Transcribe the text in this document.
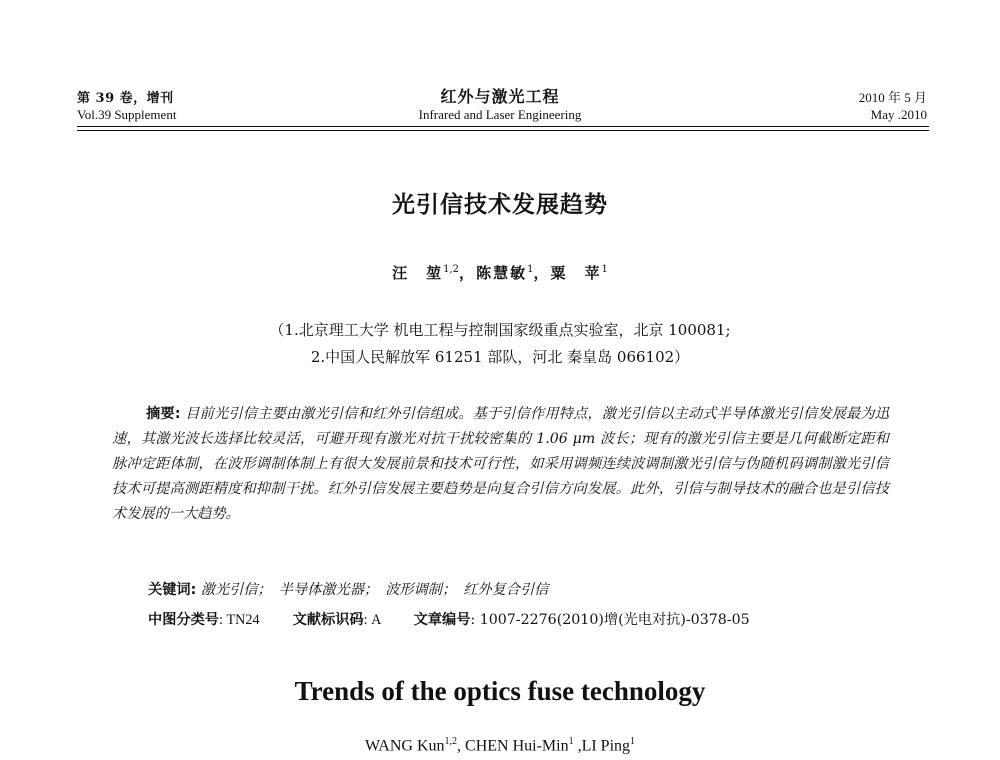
第 39 卷，增刊
Vol.39 Supplement
红外与激光工程
Infrared and Laser Engineering
2010 年 5 月
May .2010
光引信技术发展趋势
汪　堃$^{1,2}$，陈慧敏$^1$，粟　苹$^1$
（1.北京理工大学 机电工程与控制国家级重点实验室，北京 100081;
2.中国人民解放军 61251 部队，河北 秦皇岛 066102）
摘要: 目前光引信主要由激光引信和红外引信组成。基于引信作用特点，激光引信以主动式半导体激光引信发展最为迅速，其激光波长选择比较灵活，可避开现有激光对抗干扰较密集的 1.06 μm 波长；现有的激光引信主要是几何截断定距和脉冲定距体制，在波形调制体制上有很大发展前景和技术可行性，如采用调频连续波调制激光引信与伪随机码调制激光引信技术可提高测距精度和抑制干扰。红外引信发展主要趋势是向复合引信方向发展。此外，引信与制导技术的融合也是引信技术发展的一大趋势。
关键词: 激光引信；　半导体激光器；　波形调制；　红外复合引信
中图分类号: TN24 文献标识码: A 文章编号: 1007-2276(2010)增(光电对抗)-0378-05
Trends of the optics fuse technology
WANG Kun$^{1,2}$, CHEN Hui-Min$^1$ ,LI Ping$^1$
